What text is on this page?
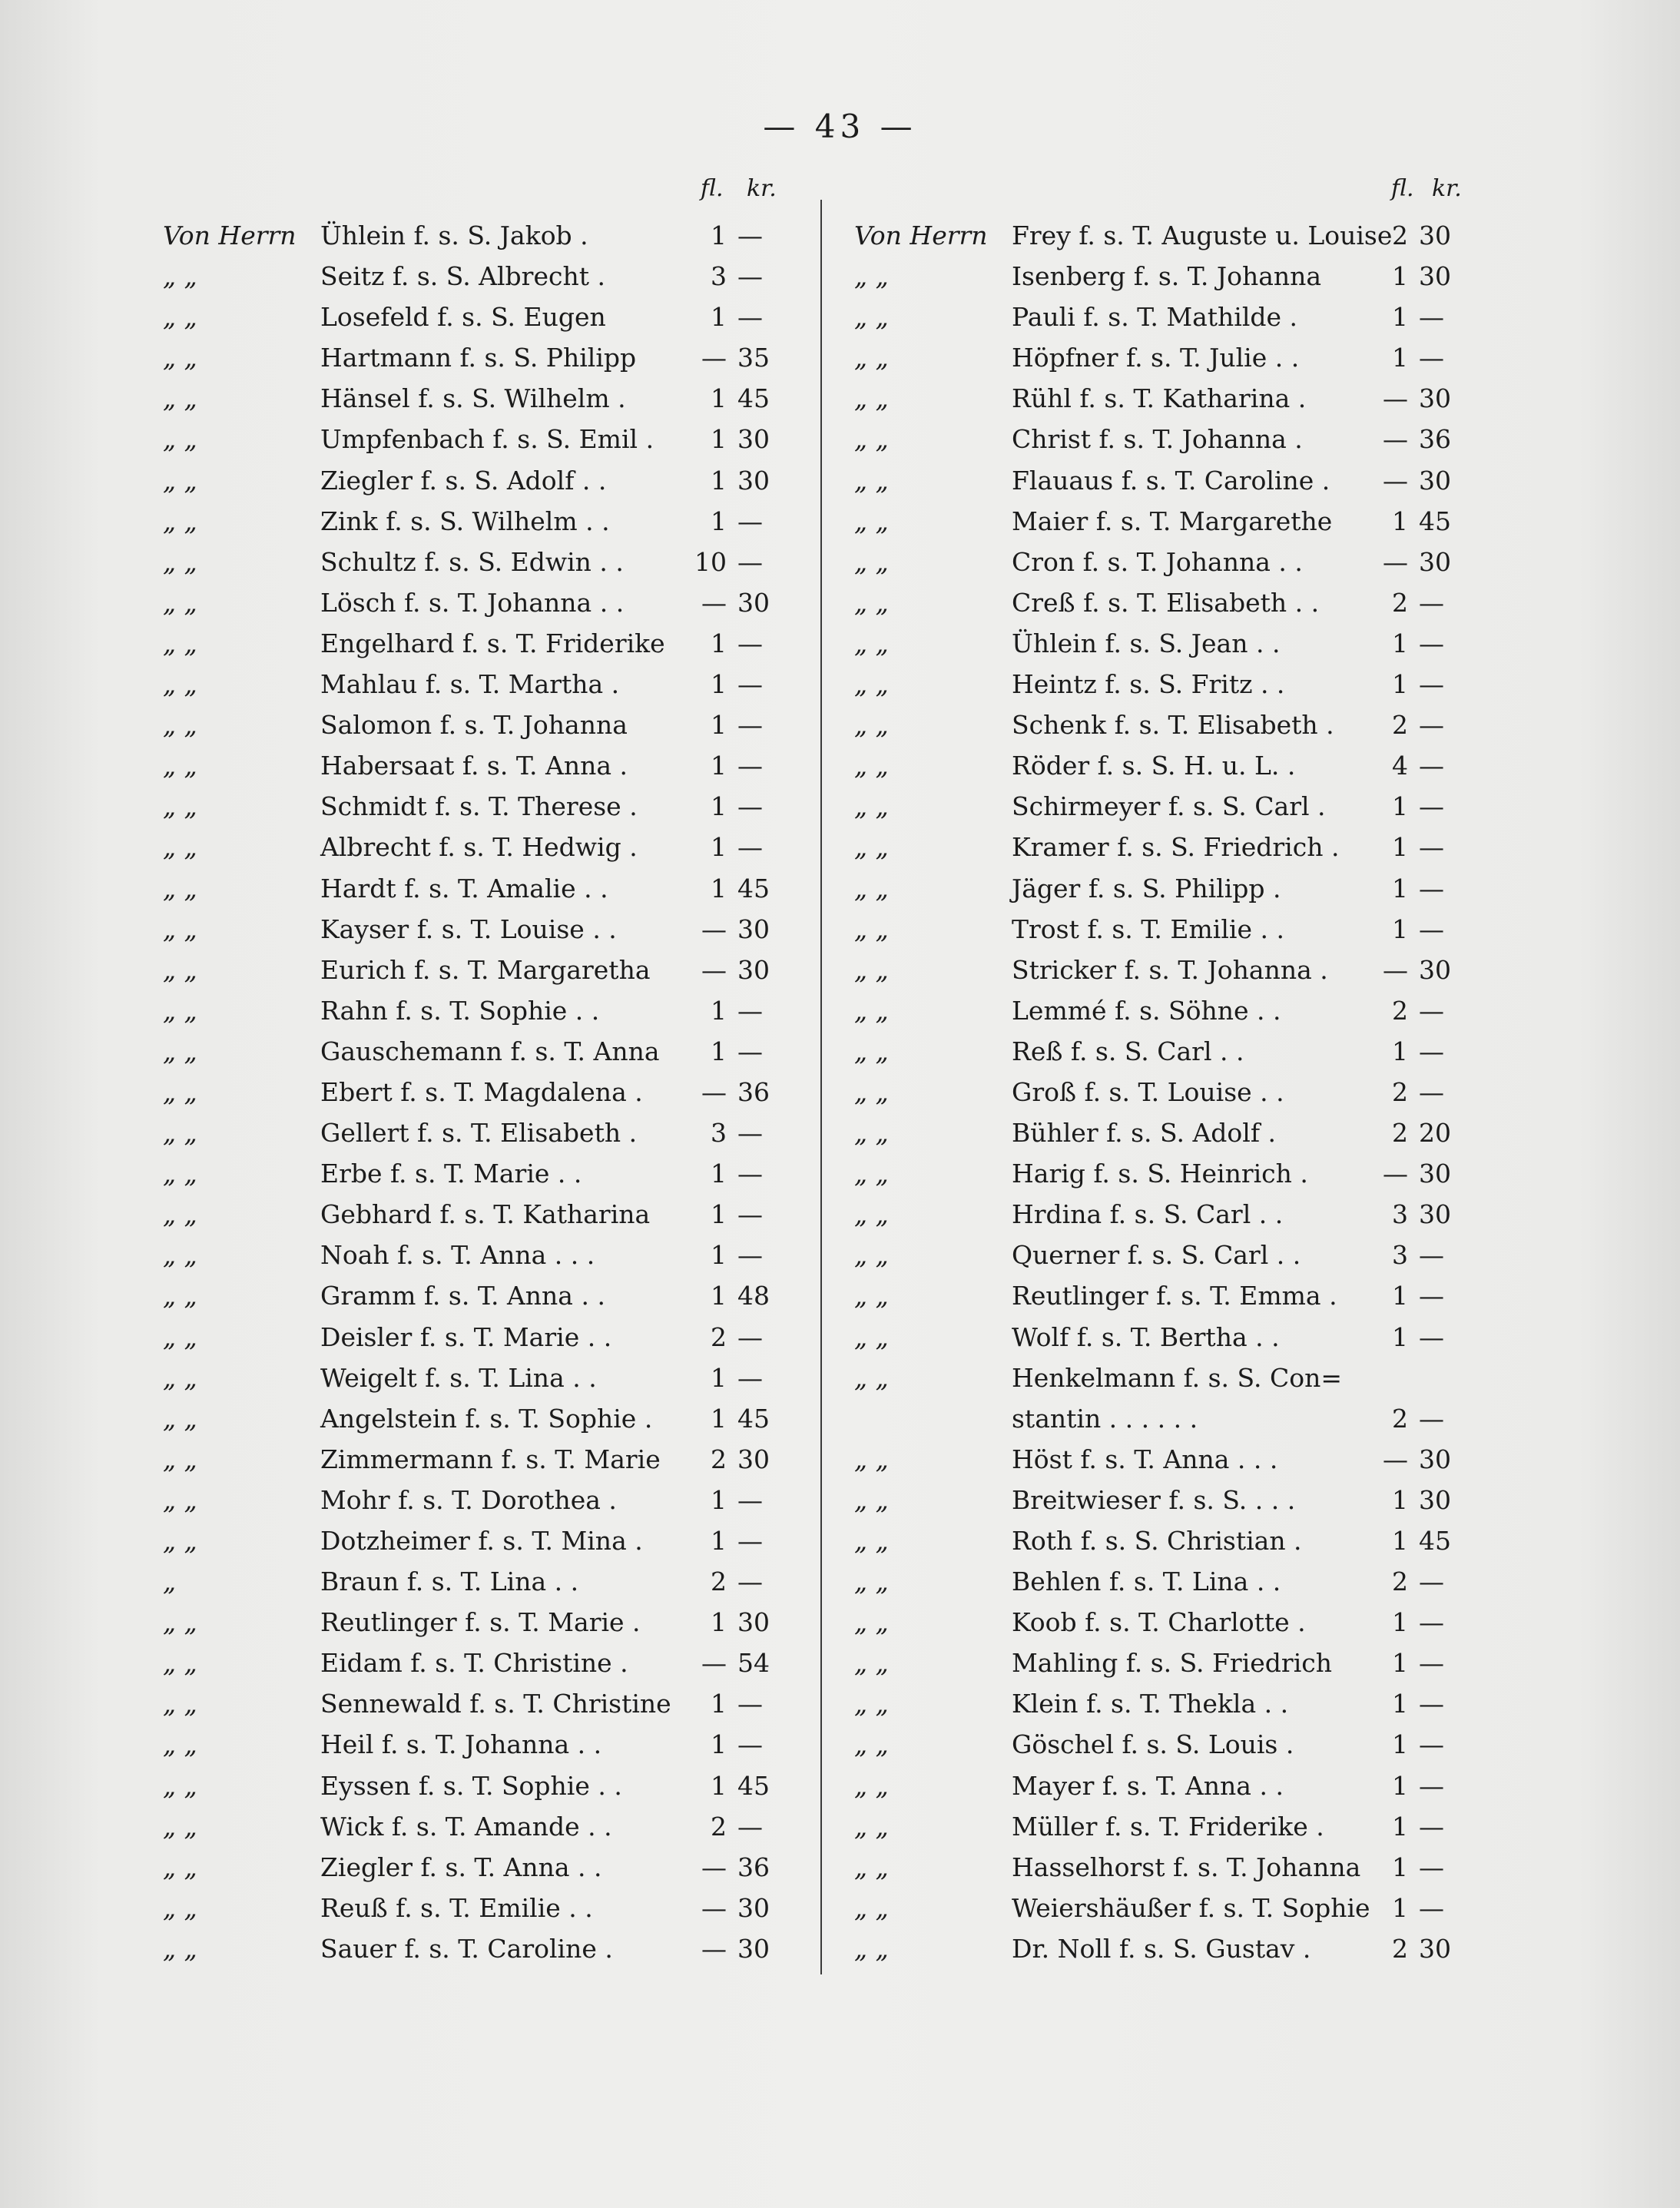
— 43 —
fl. kr.
Von Herrn Ühlein f. s. S. Jakob .	1 —
„ „	Seitz f. s. S. Albrecht .	3 —
„ „	Losefeld f. s. S. Eugen	1 —
„ „	Hartmann f. s. S. Philipp	— 35
„ „	Hänsel f. s. S. Wilhelm .	1 45
„ „	Umpfenbach f. s. S. Emil .	1 30
„ „	Ziegler f. s. S. Adolf . .	1 30
„ „	Zink f. s. S. Wilhelm . .	1 —
„ „	Schultz f. s. S. Edwin . .	10 —
„ „	Lösch f. s. T. Johanna . .	— 30
„ „	Engelhard f. s. T. Friderike	1 —
„ „	Mahlau f. s. T. Martha .	1 —
„ „	Salomon f. s. T. Johanna	1 —
„ „	Habersaat f. s. T. Anna .	1 —
„ „	Schmidt f. s. T. Therese .	1 —
„ „	Albrecht f. s. T. Hedwig .	1 —
„ „	Hardt f. s. T. Amalie . .	1 45
„ „	Kayser f. s. T. Louise . .	— 30
„ „	Eurich f. s. T. Margaretha	— 30
„ „	Rahn f. s. T. Sophie . .	1 —
„ „	Gauschemann f. s. T. Anna	1 —
„ „	Ebert f. s. T. Magdalena .	— 36
„ „	Gellert f. s. T. Elisabeth .	3 —
„ „	Erbe f. s. T. Marie . .	1 —
„ „	Gebhard f. s. T. Katharina	1 —
„ „	Noah f. s. T. Anna . . .	1 —
„ „	Gramm f. s. T. Anna . .	1 48
„ „	Deisler f. s. T. Marie . .	2 —
„ „	Weigelt f. s. T. Lina . .	1 —
„ „	Angelstein f. s. T. Sophie .	1 45
„ „	Zimmermann f. s. T. Marie	2 30
„ „	Mohr f. s. T. Dorothea .	1 —
„ „	Dotzheimer f. s. T. Mina .	1 —
„	Braun f. s. T. Lina . .	2 —
„ „	Reutlinger f. s. T. Marie .	1 30
„ „	Eidam f. s. T. Christine .	— 54
„ „	Sennewald f. s. T. Christine	1 —
„ „	Heil f. s. T. Johanna . .	1 —
„ „	Eyssen f. s. T. Sophie . .	1 45
„ „	Wick f. s. T. Amande . .	2 —
„ „	Ziegler f. s. T. Anna . .	— 36
„ „	Reuß f. s. T. Emilie . .	— 30
„ „	Sauer f. s. T. Caroline .	— 30
fl. kr.
Von Herrn Frey f. s. T. Auguste u. Louise 2 30
„ „	Isenberg f. s. T. Johanna	1 30
„ „	Pauli f. s. T. Mathilde .	1 —
„ „	Höpfner f. s. T. Julie . .	1 —
„ „	Rühl f. s. T. Katharina .	— 30
„ „	Christ f. s. T. Johanna .	— 36
„ „	Flauaus f. s. T. Caroline .	— 30
„ „	Maier f. s. T. Margarethe	1 45
„ „	Cron f. s. T. Johanna . .	— 30
„ „	Creß f. s. T. Elisabeth . .	2 —
„ „	Ühlein f. s. S. Jean . .	1 —
„ „	Heintz f. s. S. Fritz . .	1 —
„ „	Schenk f. s. T. Elisabeth .	2 —
„ „	Röder f. s. S. H. u. L. .	4 —
„ „	Schirmeyer f. s. S. Carl .	1 —
„ „	Kramer f. s. S. Friedrich .	1 —
„ „	Jäger f. s. S. Philipp .	1 —
„ „	Trost f. s. T. Emilie . .	1 —
„ „	Stricker f. s. T. Johanna .	— 30
„ „	Lemmé f. s. Söhne . .	2 —
„ „	Reß f. s. S. Carl . .	1 —
„ „	Groß f. s. T. Louise . .	2 —
„ „	Bühler f. s. S. Adolf .	2 20
„ „	Harig f. s. S. Heinrich .	— 30
„ „	Hrdina f. s. S. Carl . .	3 30
„ „	Querner f. s. S. Carl . .	3 —
„ „	Reutlinger f. s. T. Emma .	1 —
„ „	Wolf f. s. T. Bertha . .	1 —
„ „	Henkelmann f. s. S. Con=
stantin . . . . . .	2 —
„ „	Höst f. s. T. Anna . . .	— 30
„ „	Breitwieser f. s. S. . . .	1 30
„ „	Roth f. s. S. Christian .	1 45
„ „	Behlen f. s. T. Lina . .	2 —
„ „	Koob f. s. T. Charlotte .	1 —
„ „	Mahling f. s. S. Friedrich	1 —
„ „	Klein f. s. T. Thekla . .	1 —
„ „	Göschel f. s. S. Louis .	1 —
„ „	Mayer f. s. T. Anna . .	1 —
„ „	Müller f. s. T. Friderike .	1 —
„ „	Hasselhorst f. s. T. Johanna	1 —
„ „	Weiershäußer f. s. T. Sophie 1 —
„ „	Dr. Noll f. s. S. Gustav .	2 30
